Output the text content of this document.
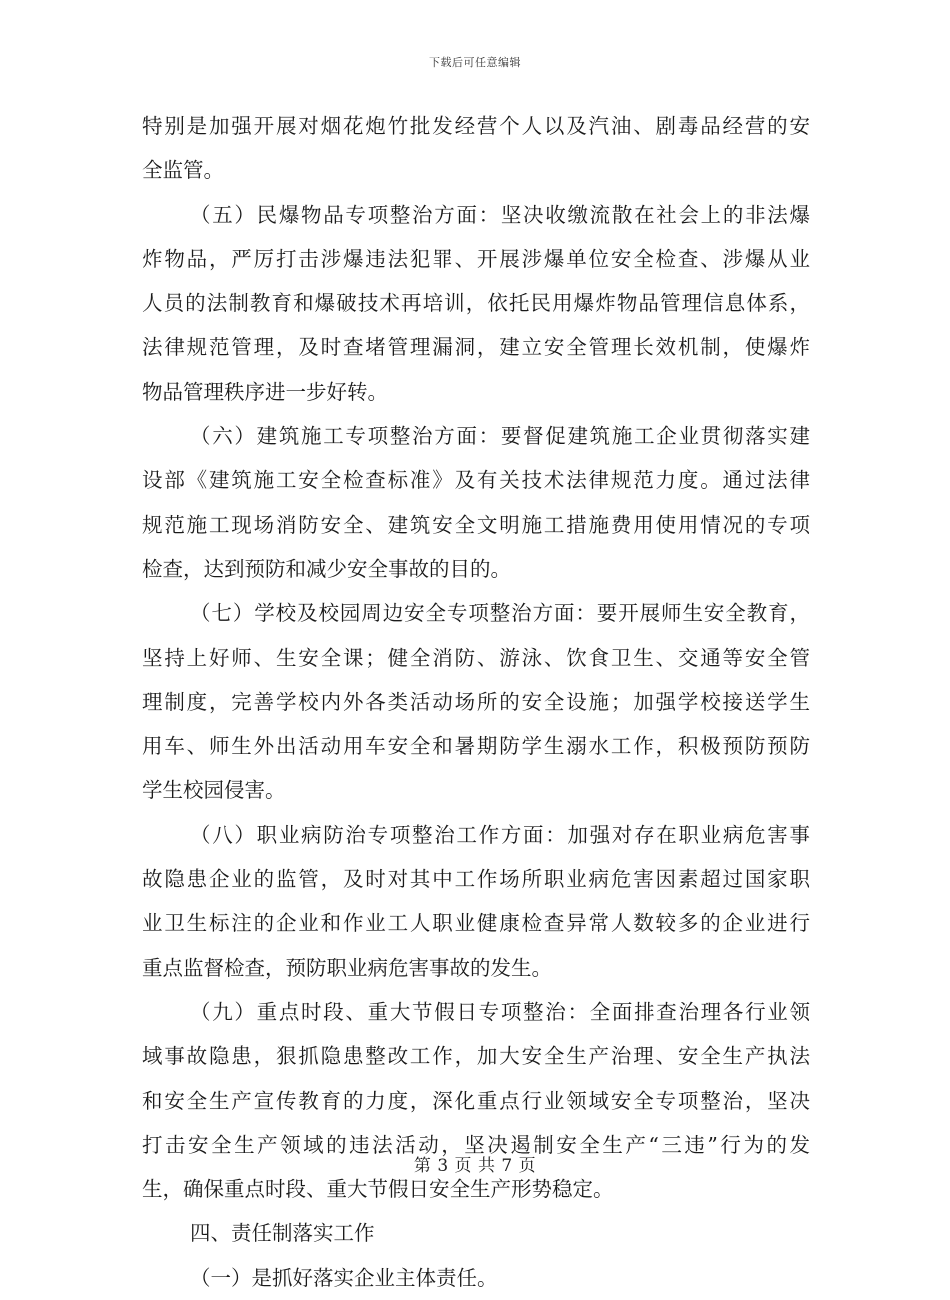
下载后可任意编辑
特别是加强开展对烟花炮竹批发经营个人以及汽油、剧毒品经营的安
全监管。
（五）民爆物品专项整治方面：坚决收缴流散在社会上的非法爆
炸物品，严厉打击涉爆违法犯罪、开展涉爆单位安全检查、涉爆从业
人员的法制教育和爆破技术再培训，依托民用爆炸物品管理信息体系，
法律规范管理，及时查堵管理漏洞，建立安全管理长效机制，使爆炸
物品管理秩序进一步好转。
（六）建筑施工专项整治方面：要督促建筑施工企业贯彻落实建
设部《建筑施工安全检查标准》及有关技术法律规范力度。通过法律
规范施工现场消防安全、建筑安全文明施工措施费用使用情况的专项
检查，达到预防和减少安全事故的目的。
（七）学校及校园周边安全专项整治方面：要开展师生安全教育，
坚持上好师、生安全课；健全消防、游泳、饮食卫生、交通等安全管
理制度，完善学校内外各类活动场所的安全设施；加强学校接送学生
用车、师生外出活动用车安全和暑期防学生溺水工作，积极预防预防
学生校园侵害。
（八）职业病防治专项整治工作方面：加强对存在职业病危害事
故隐患企业的监管，及时对其中工作场所职业病危害因素超过国家职
业卫生标注的企业和作业工人职业健康检查异常人数较多的企业进行
重点监督检查，预防职业病危害事故的发生。
（九）重点时段、重大节假日专项整治：全面排查治理各行业领
域事故隐患，狠抓隐患整改工作，加大安全生产治理、安全生产执法
和安全生产宣传教育的力度，深化重点行业领域安全专项整治，坚决
打击安全生产领域的违法活动，坚决遏制安全生产“三违”行为的发
生，确保重点时段、重大节假日安全生产形势稳定。
四、责任制落实工作
（一）是抓好落实企业主体责任。
第 3 页 共 7 页
